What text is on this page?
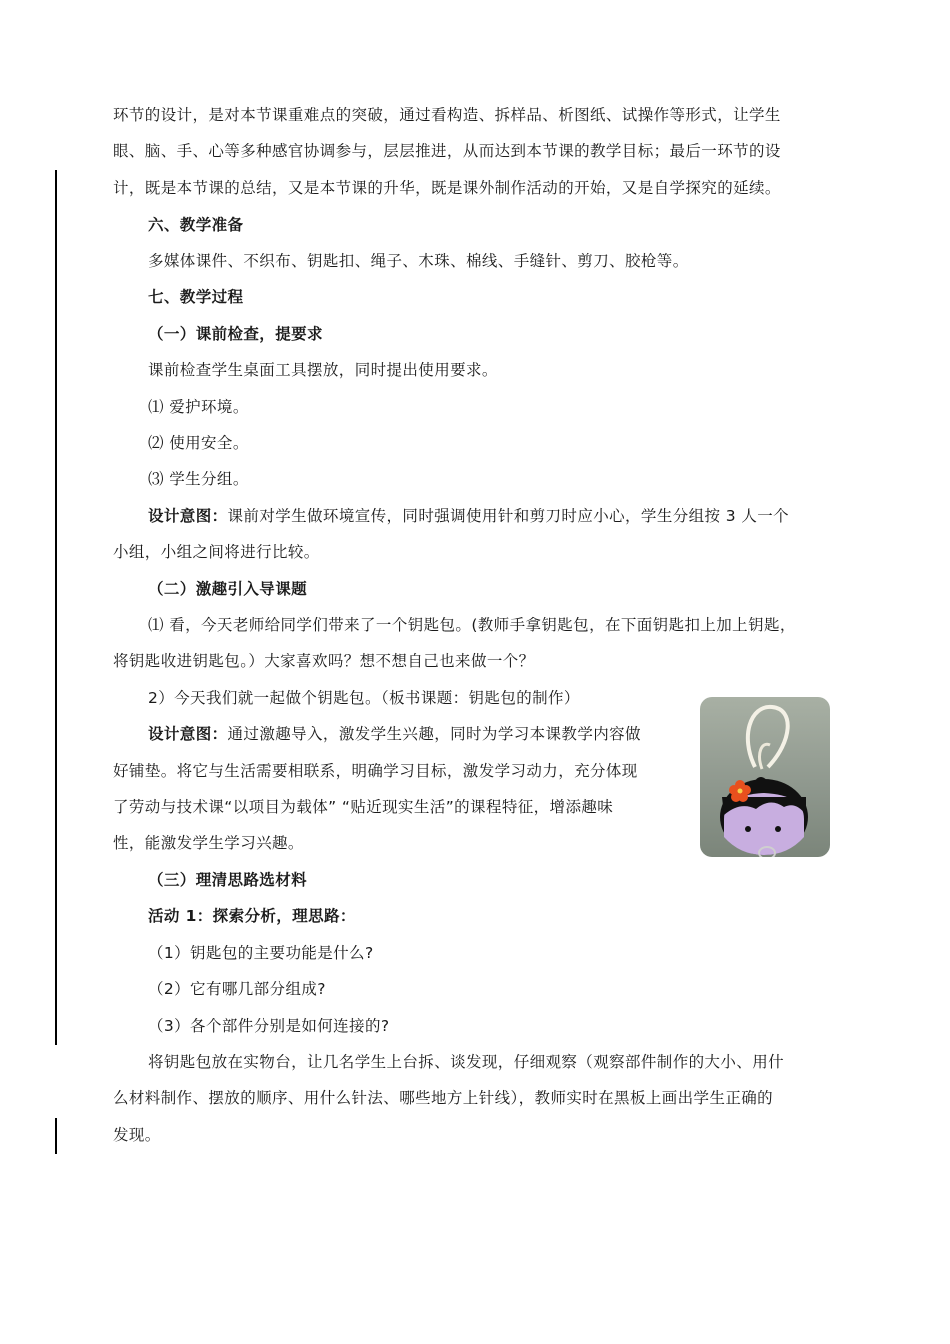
环节的设计，是对本节课重难点的突破，通过看构造、拆样品、析图纸、试操作等形式，让学生
眼、脑、手、心等多种感官协调参与，层层推进，从而达到本节课的教学目标；最后一环节的设
计，既是本节课的总结，又是本节课的升华，既是课外制作活动的开始，又是自学探究的延续。
六、教学准备
多媒体课件、不织布、钥匙扣、绳子、木珠、棉线、手缝针、剪刀、胶枪等。
七、教学过程
（一）课前检查，提要求
课前检查学生桌面工具摆放，同时提出使用要求。
⑴ 爱护环境。
⑵ 使用安全。
⑶ 学生分组。
设计意图：课前对学生做环境宣传，同时强调使用针和剪刀时应小心，学生分组按 3 人一个
小组，小组之间将进行比较。
（二）激趣引入导课题
⑴ 看，今天老师给同学们带来了一个钥匙包。(教师手拿钥匙包，在下面钥匙扣上加上钥匙，
将钥匙收进钥匙包。）大家喜欢吗？想不想自己也来做一个？
2）今天我们就一起做个钥匙包。（板书课题：钥匙包的制作）
设计意图：通过激趣导入，激发学生兴趣，同时为学习本课教学内容做
好铺垫。将它与生活需要相联系，明确学习目标，激发学习动力，充分体现
了劳动与技术课“以项目为载体” “贴近现实生活”的课程特征，增添趣味
性，能激发学生学习兴趣。
（三）理清思路选材料
活动 1：探索分析，理思路：
（1）钥匙包的主要功能是什么?
（2）它有哪几部分组成?
（3）各个部件分别是如何连接的?
将钥匙包放在实物台，让几名学生上台拆、谈发现，仔细观察（观察部件制作的大小、用什
么材料制作、摆放的顺序、用什么针法、哪些地方上针线），教师实时在黑板上画出学生正确的
发现。
